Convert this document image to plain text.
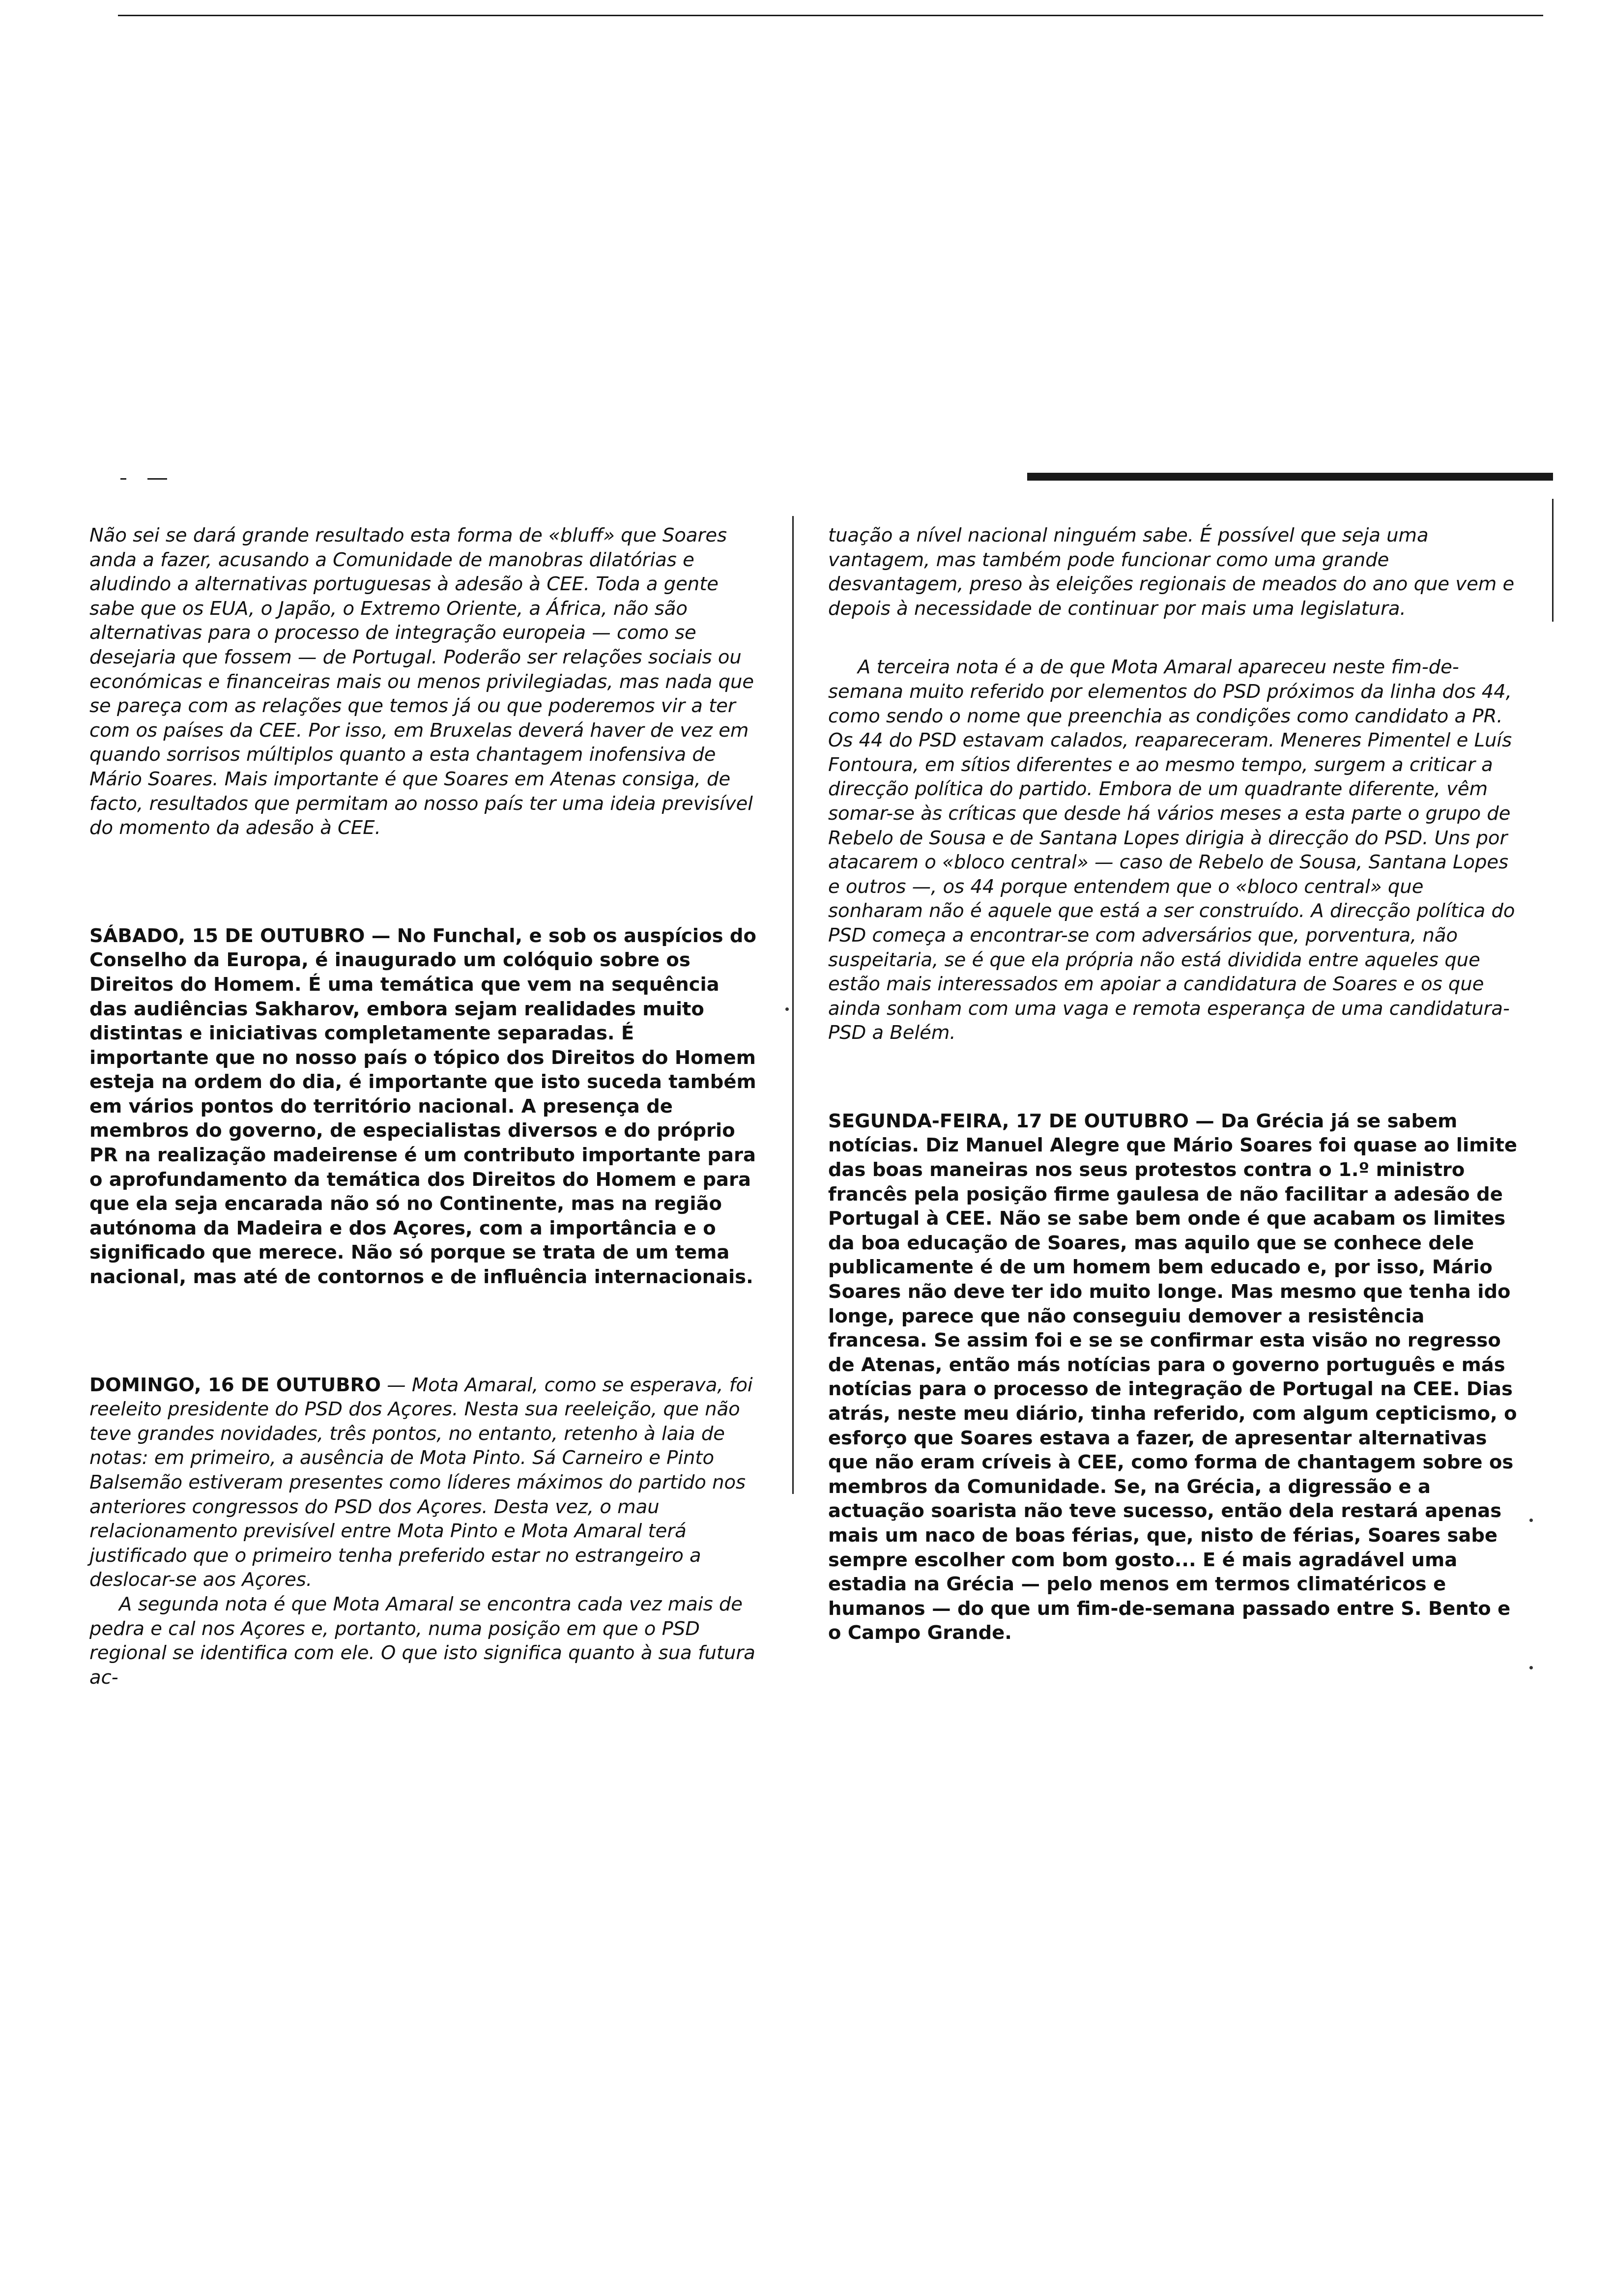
Não sei se dará grande resultado esta forma de «bluff» que Soares anda a fazer, acusando a Comunidade de manobras dilatórias e aludindo a alternativas portuguesas à adesão à CEE. Toda a gente sabe que os EUA, o Japão, o Extremo Oriente, a África, não são alternativas para o processo de integração europeia — como se desejaria que fossem — de Portugal. Poderão ser relações sociais ou económicas e financeiras mais ou menos privilegiadas, mas nada que se pareça com as relações que temos já ou que poderemos vir a ter com os países da CEE. Por isso, em Bruxelas deverá haver de vez em quando sorrisos múltiplos quanto a esta chantagem inofensiva de Mário Soares. Mais importante é que Soares em Atenas consiga, de facto, resultados que permitam ao nosso país ter uma ideia previsível do momento da adesão à CEE.

SÁBADO, 15 DE OUTUBRO — No Funchal, e sob os auspícios do Conselho da Europa, é inaugurado um colóquio sobre os Direitos do Homem. É uma temática que vem na sequência das audiências Sakharov, embora sejam realidades muito distintas e iniciativas completamente separadas. É importante que no nosso país o tópico dos Direitos do Homem esteja na ordem do dia, é importante que isto suceda também em vários pontos do território nacional. A presença de membros do governo, de especialistas diversos e do próprio PR na realização madeirense é um contributo importante para o aprofundamento da temática dos Direitos do Homem e para que ela seja encarada não só no Continente, mas na região autónoma da Madeira e dos Açores, com a importância e o significado que merece. Não só porque se trata de um tema nacional, mas até de contornos e de influência internacionais.

DOMINGO, 16 DE OUTUBRO — Mota Amaral, como se esperava, foi reeleito presidente do PSD dos Açores. Nesta sua reeleição, que não teve grandes novidades, três pontos, no entanto, retenho à laia de notas: em primeiro, a ausência de Mota Pinto. Sá Carneiro e Pinto Balsemão estiveram presentes como líderes máximos do partido nos anteriores congressos do PSD dos Açores. Desta vez, o mau relacionamento previsível entre Mota Pinto e Mota Amaral terá justificado que o primeiro tenha preferido estar no estrangeiro a deslocar-se aos Açores.

A segunda nota é que Mota Amaral se encontra cada vez mais de pedra e cal nos Açores e, portanto, numa posição em que o PSD regional se identifica com ele. O que isto significa quanto à sua futura ac-

tuação a nível nacional ninguém sabe. É possível que seja uma vantagem, mas também pode funcionar como uma grande desvantagem, preso às eleições regionais de meados do ano que vem e depois à necessidade de continuar por mais uma legislatura.

A terceira nota é a de que Mota Amaral apareceu neste fim-de-semana muito referido por elementos do PSD próximos da linha dos 44, como sendo o nome que preenchia as condições como candidato a PR. Os 44 do PSD estavam calados, reapareceram. Meneres Pimentel e Luís Fontoura, em sítios diferentes e ao mesmo tempo, surgem a criticar a direcção política do partido. Embora de um quadrante diferente, vêm somar-se às críticas que desde há vários meses a esta parte o grupo de Rebelo de Sousa e de Santana Lopes dirigia à direcção do PSD. Uns por atacarem o «bloco central» — caso de Rebelo de Sousa, Santana Lopes e outros —, os 44 porque entendem que o «bloco central» que sonharam não é aquele que está a ser construído. A direcção política do PSD começa a encontrar-se com adversários que, porventura, não suspeitaria, se é que ela própria não está dividida entre aqueles que estão mais interessados em apoiar a candidatura de Soares e os que ainda sonham com uma vaga e remota esperança de uma candidatura-PSD a Belém.

SEGUNDA-FEIRA, 17 DE OUTUBRO — Da Grécia já se sabem notícias. Diz Manuel Alegre que Mário Soares foi quase ao limite das boas maneiras nos seus protestos contra o 1.º ministro francês pela posição firme gaulesa de não facilitar a adesão de Portugal à CEE. Não se sabe bem onde é que acabam os limites da boa educação de Soares, mas aquilo que se conhece dele publicamente é de um homem bem educado e, por isso, Mário Soares não deve ter ido muito longe. Mas mesmo que tenha ido longe, parece que não conseguiu demover a resistência francesa. Se assim foi e se se confirmar esta visão no regresso de Atenas, então más notícias para o governo português e más notícias para o processo de integração de Portugal na CEE. Dias atrás, neste meu diário, tinha referido, com algum cepticismo, o esforço que Soares estava a fazer, de apresentar alternativas que não eram críveis à CEE, como forma de chantagem sobre os membros da Comunidade. Se, na Grécia, a digressão e a actuação soarista não teve sucesso, então dela restará apenas mais um naco de boas férias, que, nisto de férias, Soares sabe sempre escolher com bom gosto... E é mais agradável uma estadia na Grécia — pelo menos em termos climatéricos e humanos — do que um fim-de-semana passado entre S. Bento e o Campo Grande.
